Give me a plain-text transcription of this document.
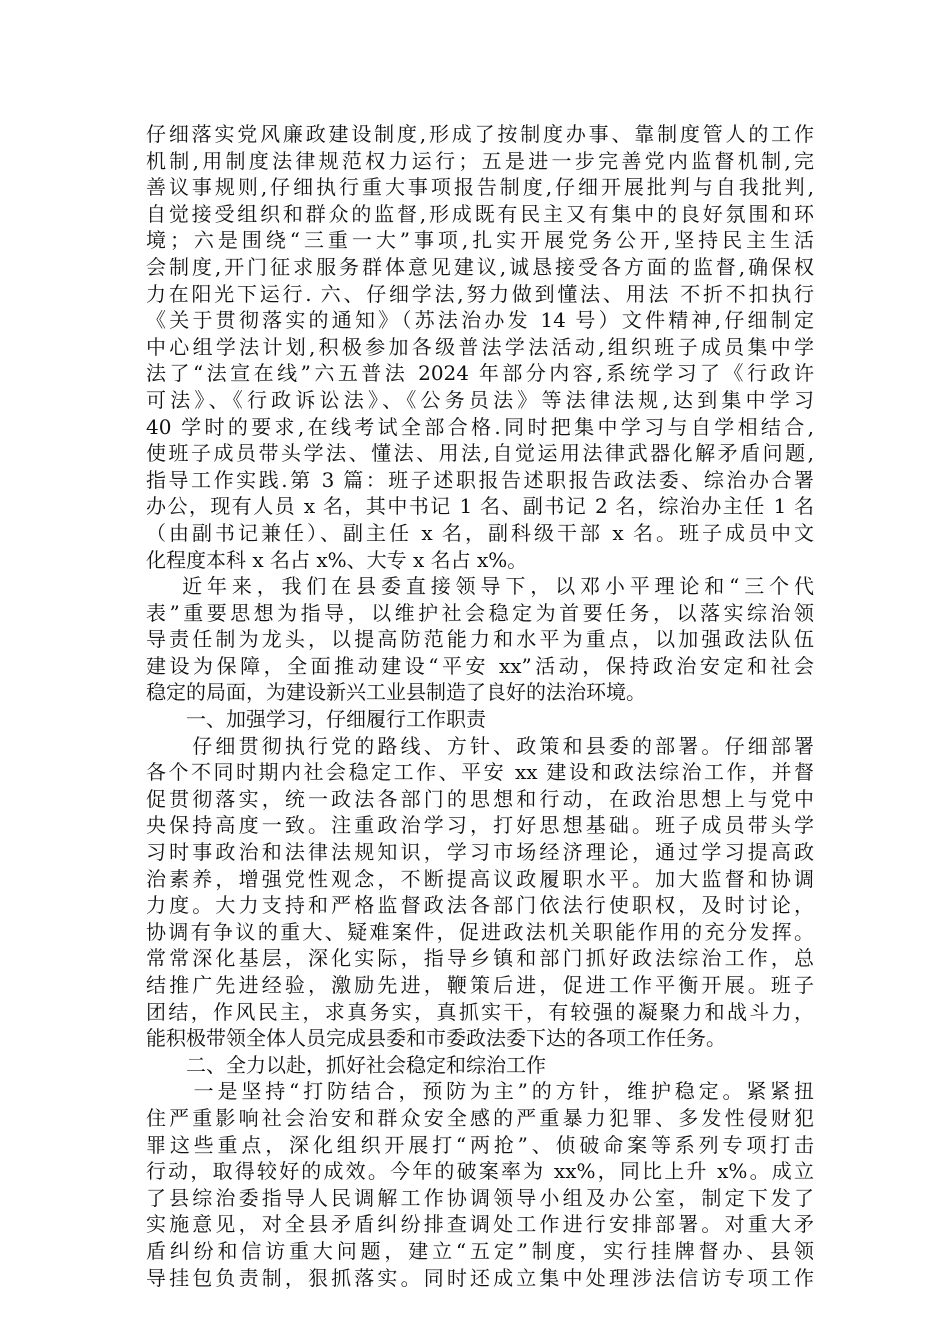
仔细落实党风廉政建设制度,形成了按制度办事、靠制度管人的工作
机制,用制度法律规范权力运行；五是进一步完善党内监督机制,完
善议事规则,仔细执行重大事项报告制度,仔细开展批判与自我批判,
自觉接受组织和群众的监督,形成既有民主又有集中的良好氛围和环
境；六是围绕“三重一大”事项,扎实开展党务公开,坚持民主生活
会制度,开门征求服务群体意见建议,诚恳接受各方面的监督,确保权
力在阳光下运行. 六、仔细学法,努力做到懂法、用法 不折不扣执行
《关于贯彻落实的通知》（苏法治办发 14 号）文件精神,仔细制定
中心组学法计划,积极参加各级普法学法活动,组织班子成员集中学
法了“法宣在线”六五普法 2024 年部分内容,系统学习了《行政许
可法》、《行政诉讼法》、《公务员法》等法律法规,达到集中学习
40 学时的要求,在线考试全部合格.同时把集中学习与自学相结合,
使班子成员带头学法、懂法、用法,自觉运用法律武器化解矛盾问题,
指导工作实践.第 3 篇：班子述职报告述职报告政法委、综治办合署
办公，现有人员 x 名，其中书记 1 名、副书记 2 名，综治办主任 1 名
（由副书记兼任）、副主任 x 名，副科级干部 x 名。班子成员中文
化程度本科 x 名占 x%、大专 x 名占 x%。
　 近年来，我们在县委直接领导下，以邓小平理论和“三个代
表”重要思想为指导，以维护社会稳定为首要任务，以落实综治领
导责任制为龙头，以提高防范能力和水平为重点，以加强政法队伍
建设为保障，全面推动建设“平安 xx”活动，保持政治安定和社会
稳定的局面，为建设新兴工业县制造了良好的法治环境。
　　一、加强学习，仔细履行工作职责
　　仔细贯彻执行党的路线、方针、政策和县委的部署。仔细部署
各个不同时期内社会稳定工作、平安 xx 建设和政法综治工作，并督
促贯彻落实，统一政法各部门的思想和行动，在政治思想上与党中
央保持高度一致。注重政治学习，打好思想基础。班子成员带头学
习时事政治和法律法规知识，学习市场经济理论，通过学习提高政
治素养，增强党性观念，不断提高议政履职水平。加大监督和协调
力度。大力支持和严格监督政法各部门依法行使职权，及时讨论，
协调有争议的重大、疑难案件，促进政法机关职能作用的充分发挥。
常常深化基层，深化实际，指导乡镇和部门抓好政法综治工作，总
结推广先进经验，激励先进，鞭策后进，促进工作平衡开展。班子
团结，作风民主，求真务实，真抓实干，有较强的凝聚力和战斗力，
能积极带领全体人员完成县委和市委政法委下达的各项工作任务。
　　二、全力以赴，抓好社会稳定和综治工作
　　一是坚持“打防结合，预防为主”的方针，维护稳定。紧紧扭
住严重影响社会治安和群众安全感的严重暴力犯罪、多发性侵财犯
罪这些重点，深化组织开展打“两抢”、侦破命案等系列专项打击
行动，取得较好的成效。今年的破案率为 xx%，同比上升 x%。成立
了县综治委指导人民调解工作协调领导小组及办公室，制定下发了
实施意见，对全县矛盾纠纷排查调处工作进行安排部署。对重大矛
盾纠纷和信访重大问题，建立“五定”制度，实行挂牌督办、县领
导挂包负责制，狠抓落实。同时还成立集中处理涉法信访专项工作
